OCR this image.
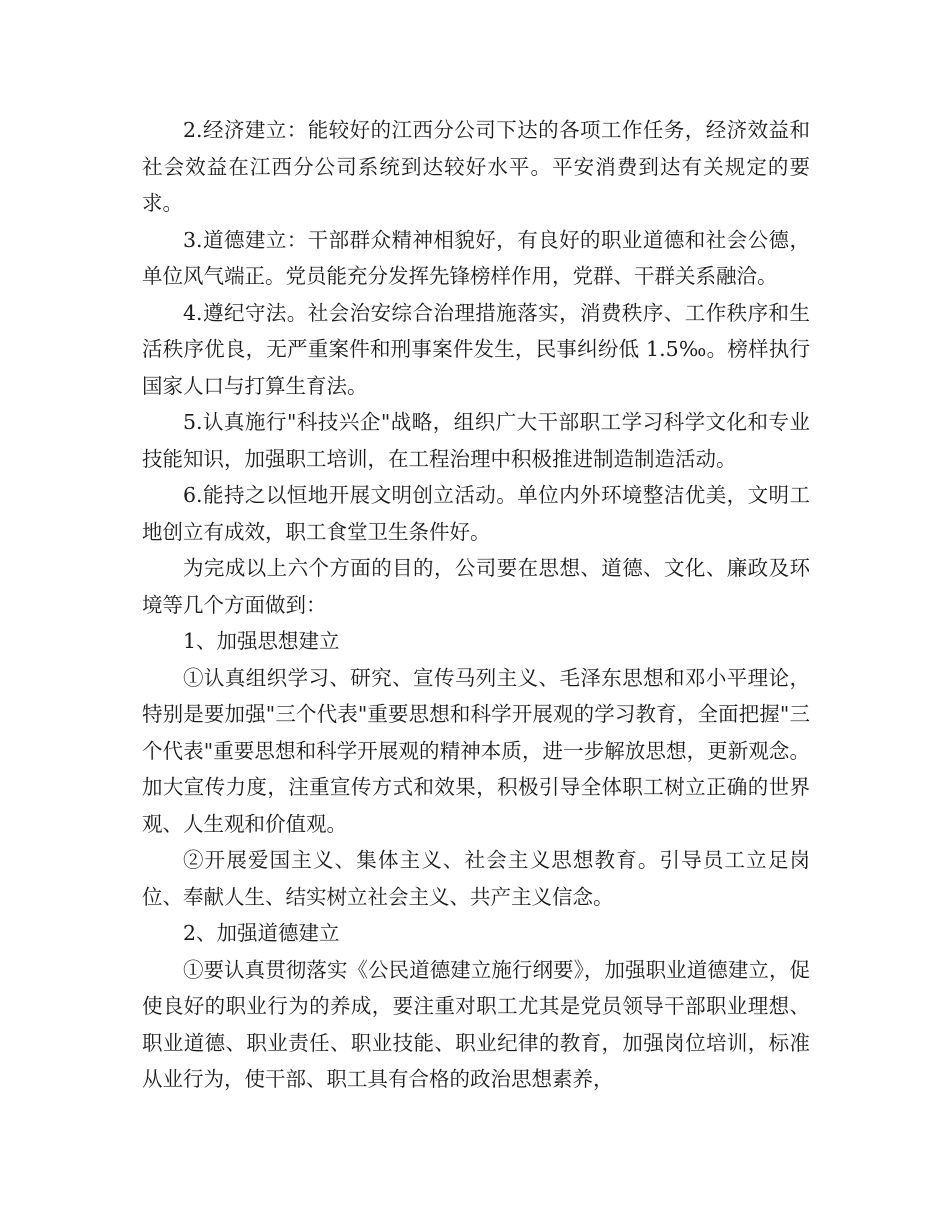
2.经济建立：能较好的江西分公司下达的各项工作任务，经济效益和社会效益在江西分公司系统到达较好水平。平安消费到达有关规定的要求。

3.道德建立：干部群众精神相貌好，有良好的职业道德和社会公德，单位风气端正。党员能充分发挥先锋榜样作用，党群、干群关系融洽。

4.遵纪守法。社会治安综合治理措施落实，消费秩序、工作秩序和生活秩序优良，无严重案件和刑事案件发生，民事纠纷低 1.5‰。榜样执行国家人口与打算生育法。

5.认真施行"科技兴企"战略，组织广大干部职工学习科学文化和专业技能知识，加强职工培训，在工程治理中积极推进制造制造活动。

6.能持之以恒地开展文明创立活动。单位内外环境整洁优美，文明工地创立有成效，职工食堂卫生条件好。

为完成以上六个方面的目的，公司要在思想、道德、文化、廉政及环境等几个方面做到：

1、加强思想建立

①认真组织学习、研究、宣传马列主义、毛泽东思想和邓小平理论，特别是要加强"三个代表"重要思想和科学开展观的学习教育，全面把握"三个代表"重要思想和科学开展观的精神本质，进一步解放思想，更新观念。加大宣传力度，注重宣传方式和效果，积极引导全体职工树立正确的世界观、人生观和价值观。

②开展爱国主义、集体主义、社会主义思想教育。引导员工立足岗位、奉献人生、结实树立社会主义、共产主义信念。

2、加强道德建立

①要认真贯彻落实《公民道德建立施行纲要》，加强职业道德建立，促使良好的职业行为的养成，要注重对职工尤其是党员领导干部职业理想、职业道德、职业责任、职业技能、职业纪律的教育，加强岗位培训，标准从业行为，使干部、职工具有合格的政治思想素养，
